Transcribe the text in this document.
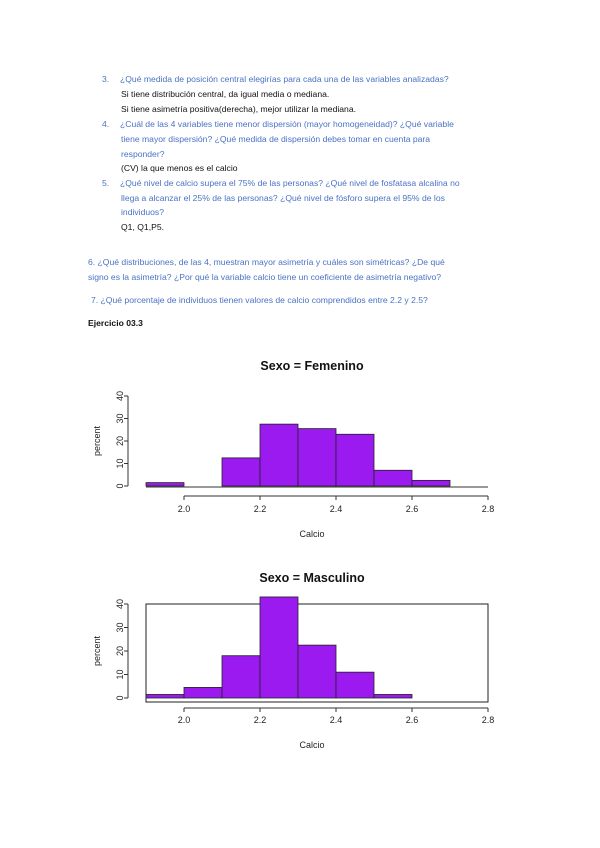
3.	¿Qué medida de posición central elegirías para cada una de las variables analizadas?
Si tiene distribución central, da igual media o mediana.
Si tiene asimetría positiva(derecha), mejor utilizar la mediana.
4.	¿Cuál de las 4 variables tiene menor dispersión (mayor homogeneidad)? ¿Qué variable
tiene mayor dispersión? ¿Qué medida de dispersión debes tomar en cuenta para
responder?
(CV) la que menos es el calcio
5.	¿Qué nivel de calcio supera el 75% de las personas? ¿Qué nivel de fosfatasa alcalina no
llega a alcanzar el 25% de las personas? ¿Qué nivel de fósforo supera el 95% de los
individuos?
Q1, Q1,P5.
6. ¿Qué distribuciones, de las 4, muestran mayor asimetría y cuáles son simétricas? ¿De qué
signo es la asimetría? ¿Por qué la variable calcio tiene un coeficiente de asimetría negativo?
7. ¿Qué porcentaje de individuos tienen valores de calcio comprendidos entre 2.2 y 2.5?
Ejercicio 03.3
Sexo = Femenino
0
10
20
30
40
percent
2.0	2.2	2.4	2.6	2.8
Calcio
Sexo = Masculino
0
10
20
30
40
percent
2.0	2.2	2.4	2.6	2.8
Calcio
